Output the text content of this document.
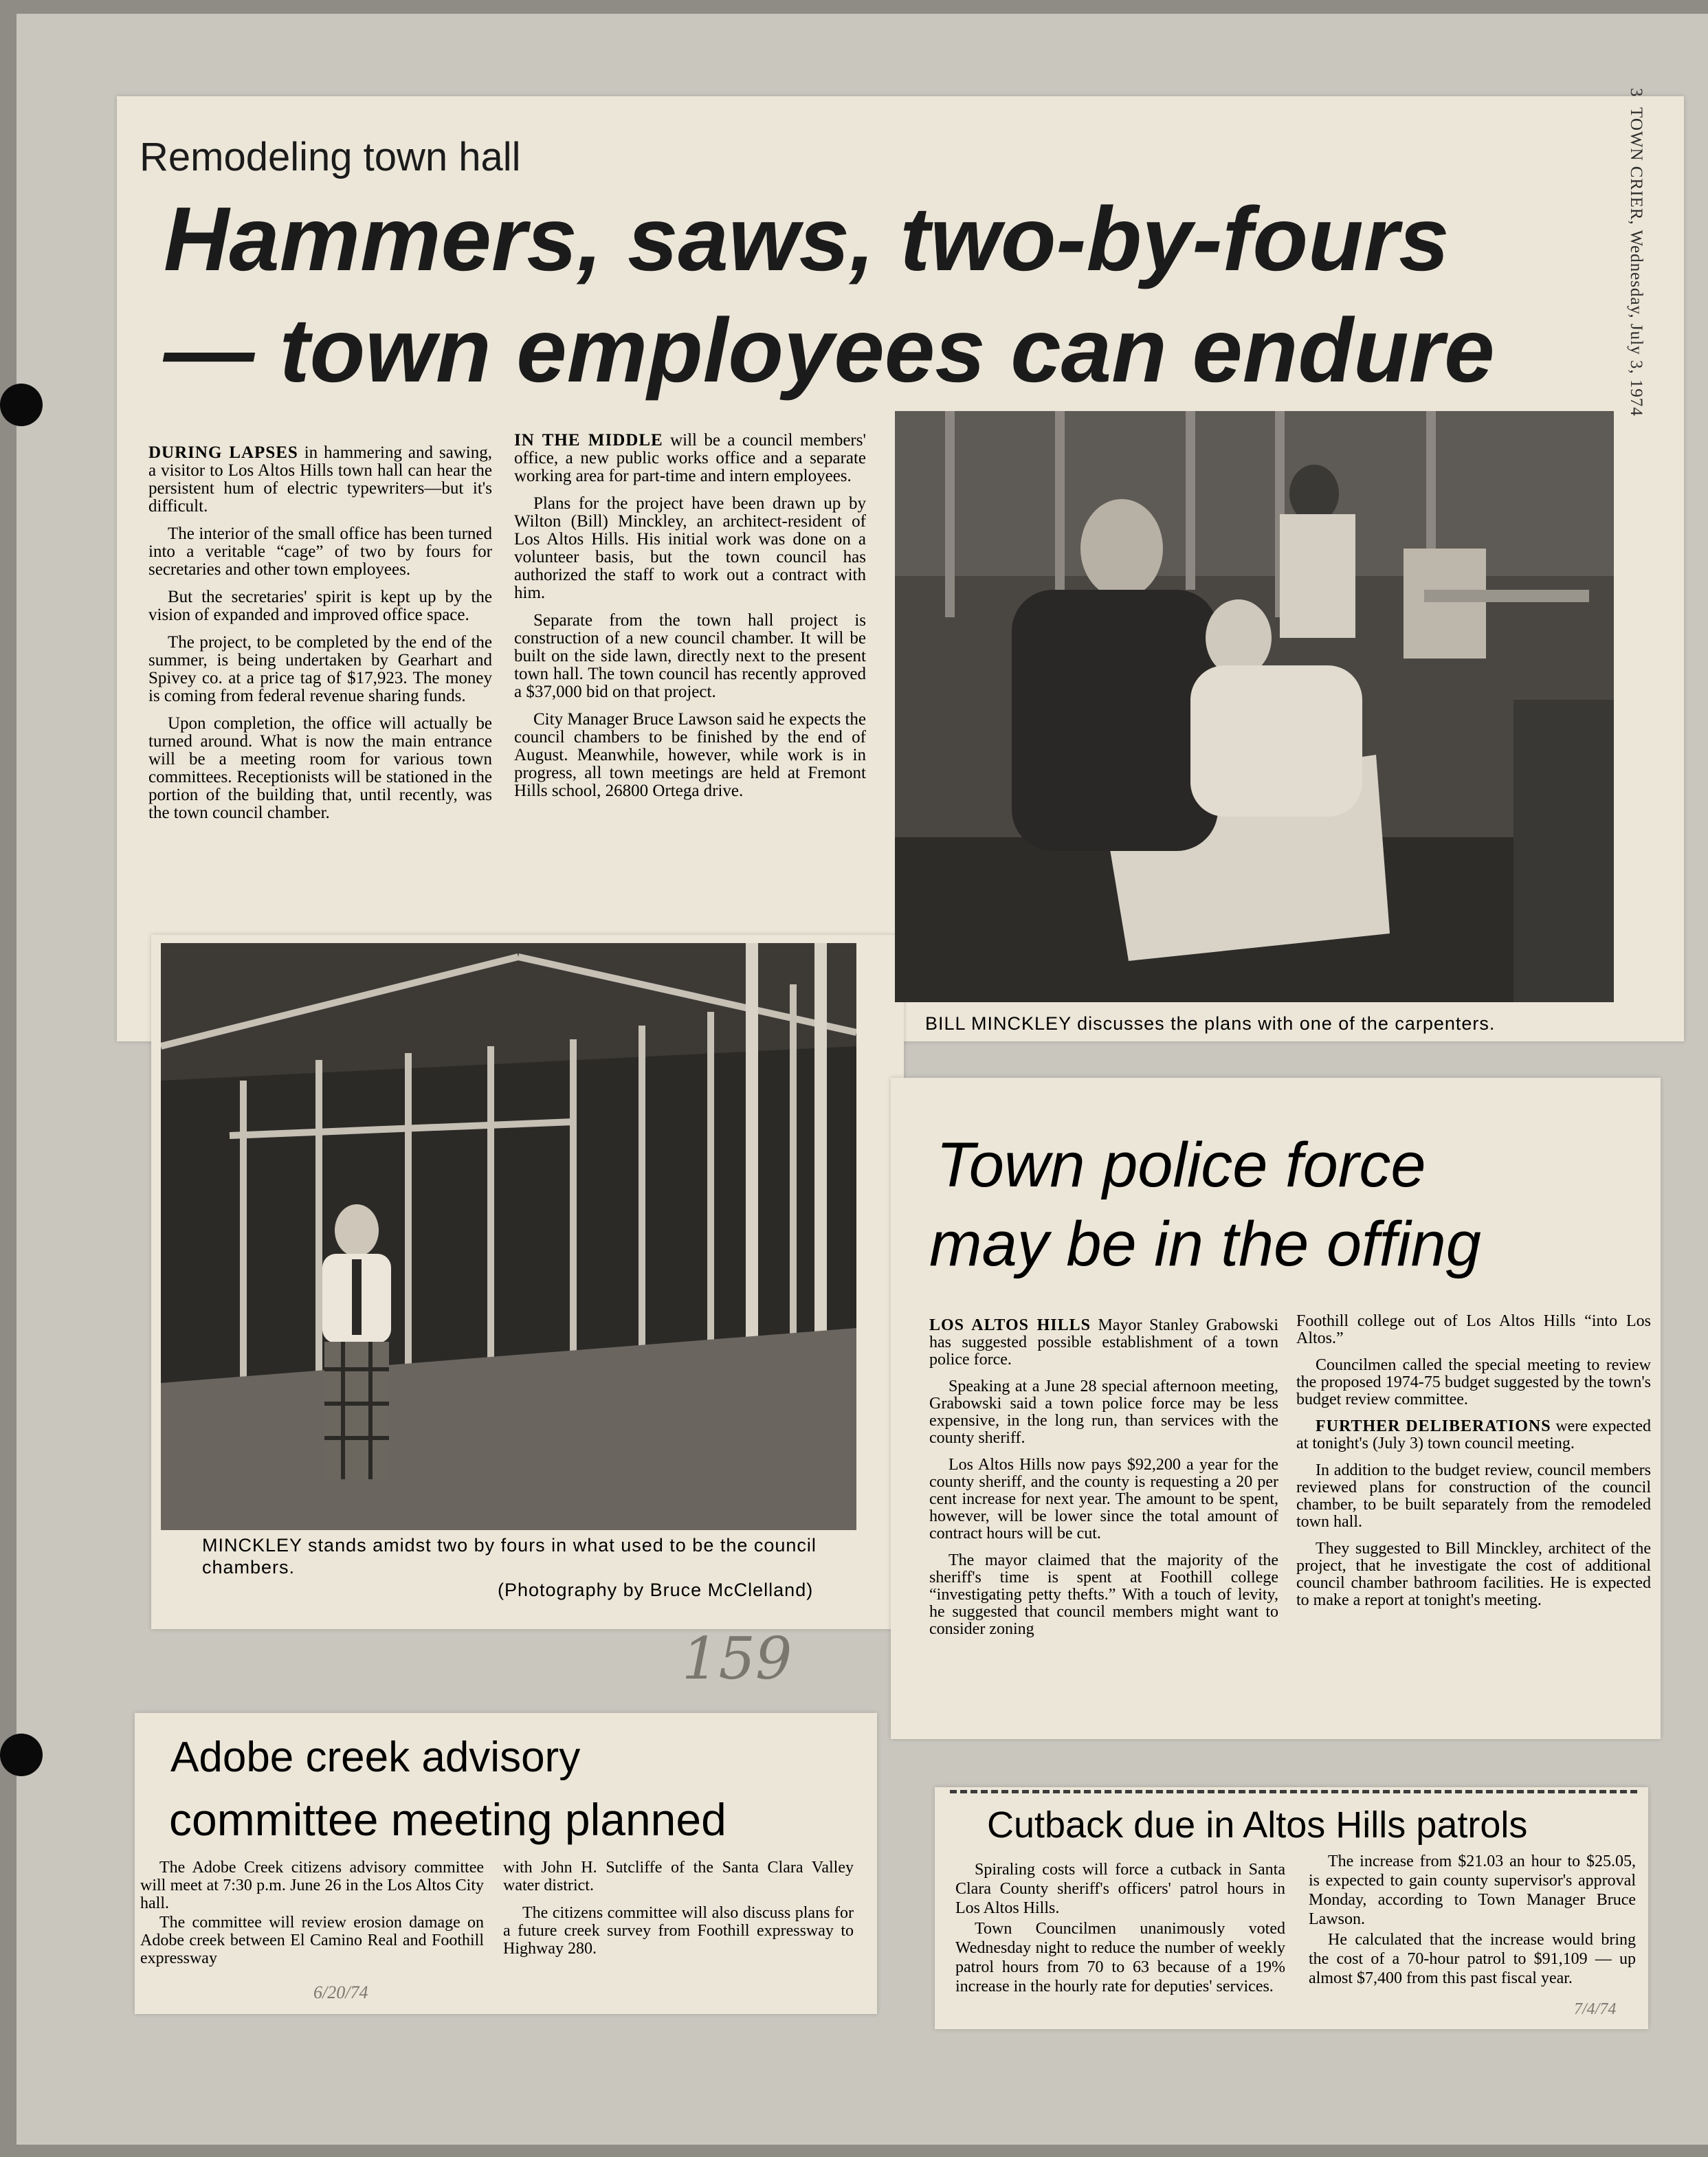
Remodeling town hall
Hammers, saws, two-by-fours
— town employees can endure

DURING LAPSES in hammering and sawing, a visitor to Los Altos Hills town hall can hear the persistent hum of electric typewriters—but it's difficult.

The interior of the small office has been turned into a veritable “cage” of two by fours for secretaries and other town employees.

But the secretaries' spirit is kept up by the vision of expanded and improved office space.

The project, to be completed by the end of the summer, is being undertaken by Gearhart and Spivey co. at a price tag of $17,923. The money is coming from federal revenue sharing funds.

Upon completion, the office will actually be turned around. What is now the main entrance will be a meeting room for various town committees. Receptionists will be stationed in the portion of the building that, until recently, was the town council chamber.

IN THE MIDDLE will be a council members' office, a new public works office and a separate working area for part-time and intern employees.

Plans for the project have been drawn up by Wilton (Bill) Minckley, an architect-resident of Los Altos Hills. His initial work was done on a volunteer basis, but the town council has authorized the staff to work out a contract with him.

Separate from the town hall project is construction of a new council chamber. It will be built on the side lawn, directly next to the present town hall. The town council has recently approved a $37,000 bid on that project.

City Manager Bruce Lawson said he expects the council chambers to be finished by the end of August. Meanwhile, however, while work is in progress, all town meetings are held at Fremont Hills school, 26800 Ortega drive.

BILL MINCKLEY discusses the plans with one of the carpenters.
MINCKLEY stands amidst two by fours in what used to be the council chambers.
(Photography by Bruce McClelland)
3  TOWN CRIER, Wednesday, July 3, 1974
159
Town police force
may be in the offing

LOS ALTOS HILLS Mayor Stanley Grabowski has suggested possible establishment of a town police force.

Speaking at a June 28 special afternoon meeting, Grabowski said a town police force may be less expensive, in the long run, than services with the county sheriff.

Los Altos Hills now pays $92,200 a year for the county sheriff, and the county is requesting a 20 per cent increase for next year. The amount to be spent, however, will be lower since the total amount of contract hours will be cut.

The mayor claimed that the majority of the sheriff's time is spent at Foothill college “investigating petty thefts.” With a touch of levity, he suggested that council members might want to consider zoning

Foothill college out of Los Altos Hills “into Los Altos.”

Councilmen called the special meeting to review the proposed 1974-75 budget suggested by the town's budget review committee.

FURTHER DELIBERATIONS were expected at tonight's (July 3) town council meeting.

In addition to the budget review, council members reviewed plans for construction of the council chamber, to be built separately from the remodeled town hall.

They suggested to Bill Minckley, architect of the project, that he investigate the cost of additional council chamber bathroom facilities. He is expected to make a report at tonight's meeting.

Adobe creek advisory
committee meeting planned

The Adobe Creek citizens advisory committee will meet at 7:30 p.m. June 26 in the Los Altos City hall.

The committee will review erosion damage on Adobe creek between El Camino Real and Foothill expressway

with John H. Sutcliffe of the Santa Clara Valley water district.

The citizens committee will also discuss plans for a future creek survey from Foothill expressway to Highway 280.

6/20/74
Cutback due in Altos Hills patrols

Spiraling costs will force a cutback in Santa Clara County sheriff's officers' patrol hours in Los Altos Hills.

Town Councilmen unanimously voted Wednesday night to reduce the number of weekly patrol hours from 70 to 63 because of a 19% increase in the hourly rate for deputies' services.

The increase from $21.03 an hour to $25.05, is expected to gain county supervisor's approval Monday, according to Town Manager Bruce Lawson.

He calculated that the increase would bring the cost of a 70-hour patrol to $91,109 — up almost $7,400 from this past fiscal year.

7/4/74
